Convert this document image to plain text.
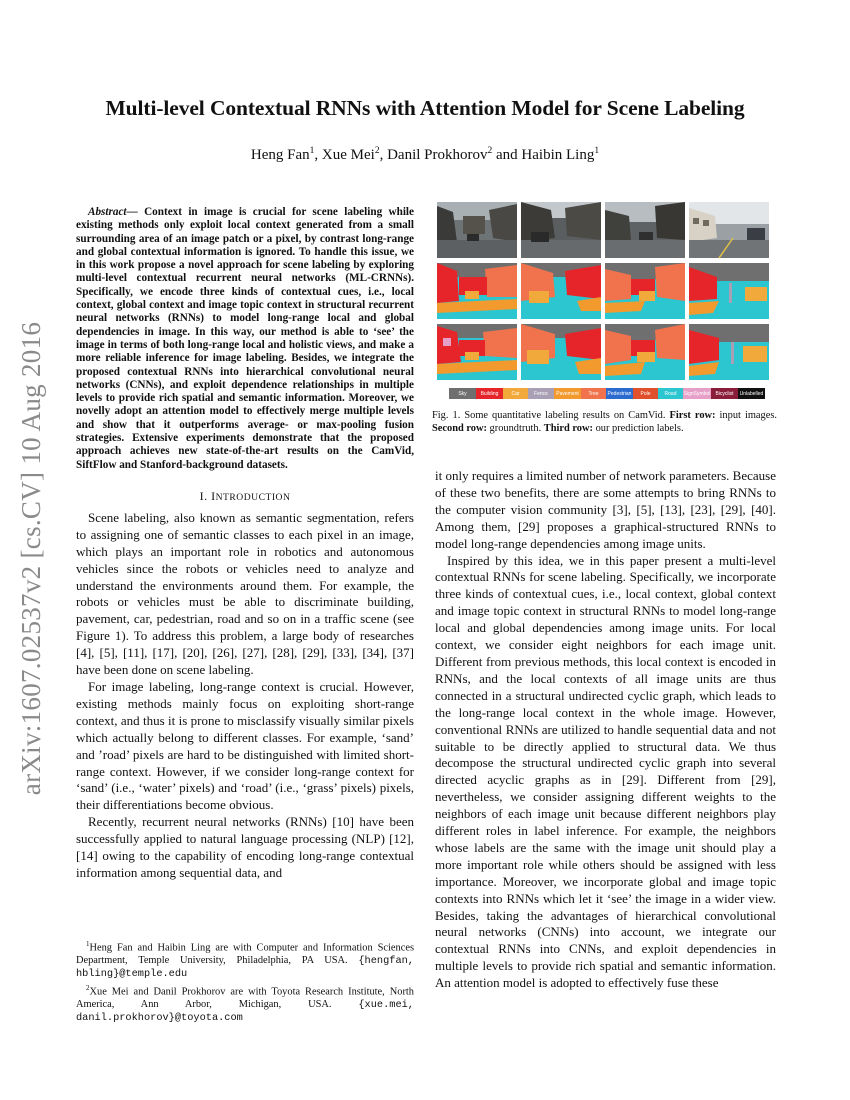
arXiv:1607.02537v2 [cs.CV] 10 Aug 2016
Multi-level Contextual RNNs with Attention Model for Scene Labeling
Heng Fan$^1$, Xue Mei$^2$, Danil Prokhorov$^2$ and Haibin Ling$^1$

Abstract— Context in image is crucial for scene labeling while existing methods only exploit local context generated from a small surrounding area of an image patch or a pixel, by contrast long-range and global contextual information is ignored. To handle this issue, we in this work propose a novel approach for scene labeling by exploring multi-level contextual recurrent neural networks (ML-CRNNs). Specifically, we encode three kinds of contextual cues, i.e., local context, global context and image topic context in structural recurrent neural networks (RNNs) to model long-range local and global dependencies in image. In this way, our method is able to ‘see’ the image in terms of both long-range local and holistic views, and make a more reliable inference for image labeling. Besides, we integrate the proposed contextual RNNs into hierarchical convolutional neural networks (CNNs), and exploit dependence relationships in multiple levels to provide rich spatial and semantic information. Moreover, we novelly adopt an attention model to effectively merge multiple levels and show that it outperforms average- or max-pooling fusion strategies. Extensive experiments demonstrate that the proposed approach achieves new state-of-the-art results on the CamVid, SiftFlow and Stanford-background datasets.

I. INTRODUCTION

Scene labeling, also known as semantic segmentation, refers to assigning one of semantic classes to each pixel in an image, which plays an important role in robotics and autonomous vehicles since the robots or vehicles need to analyze and understand the environments around them. For example, the robots or vehicles must be able to discriminate building, pavement, car, pedestrian, road and so on in a traffic scene (see Figure 1). To address this problem, a large body of researches [4], [5], [11], [17], [20], [26], [27], [28], [29], [33], [34], [37] have been done on scene labeling.

For image labeling, long-range context is crucial. However, existing methods mainly focus on exploiting short-range context, and thus it is prone to misclassify visually similar pixels which actually belong to different classes. For example, ‘sand’ and ’road’ pixels are hard to be distinguished with limited short-range context. However, if we consider long-range context for ‘sand’ (i.e., ‘water’ pixels) and ‘road’ (i.e., ‘grass’ pixels) pixels, their differentiations become obvious.

Recently, recurrent neural networks (RNNs) [10] have been successfully applied to natural language processing (NLP) [12], [14] owing to the capability of encoding long-range contextual information among sequential data, and

$^1$Heng Fan and Haibin Ling are with Computer and Information Sciences Department, Temple University, Philadelphia, PA USA. {hengfan, hbling}@temple.edu

$^2$Xue Mei and Danil Prokhorov are with Toyota Research Institute, North America, Ann Arbor, Michigan, USA. {xue.mei, danil.prokhorov}@toyota.com

Sky	Building	Car	Fence	Pavement	Tree	Pedestrian	Pole	Road	SignSymbol	Bicyclist	Unlabelled
Fig. 1. Some quantitative labeling results on CamVid. First row: input images. Second row: groundtruth. Third row: our prediction labels.

it only requires a limited number of network parameters. Because of these two benefits, there are some attempts to bring RNNs to the computer vision community [3], [5], [13], [23], [29], [40]. Among them, [29] proposes a graphical-structured RNNs to model long-range dependencies among image units.

Inspired by this idea, we in this paper present a multi-level contextual RNNs for scene labeling. Specifically, we incorporate three kinds of contextual cues, i.e., local context, global context and image topic context in structural RNNs to model long-range local and global dependencies among image units. For local context, we consider eight neighbors for each image unit. Different from previous methods, this local context is encoded in RNNs, and the local contexts of all image units are thus connected in a structural undirected cyclic graph, which leads to the long-range local context in the whole image. However, conventional RNNs are utilized to handle sequential data and not suitable to be directly applied to structural data. We thus decompose the structural undirected cyclic graph into several directed acyclic graphs as in [29]. Different from [29], nevertheless, we consider assigning different weights to the neighbors of each image unit because different neighbors play different roles in label inference. For example, the neighbors whose labels are the same with the image unit should play a more important role while others should be assigned with less importance. Moreover, we incorporate global and image topic contexts into RNNs which let it ‘see’ the image in a wider view. Besides, taking the advantages of hierarchical convolutional neural networks (CNNs) into account, we integrate our contextual RNNs into CNNs, and exploit dependencies in multiple levels to provide rich spatial and semantic information. An attention model is adopted to effectively fuse these
